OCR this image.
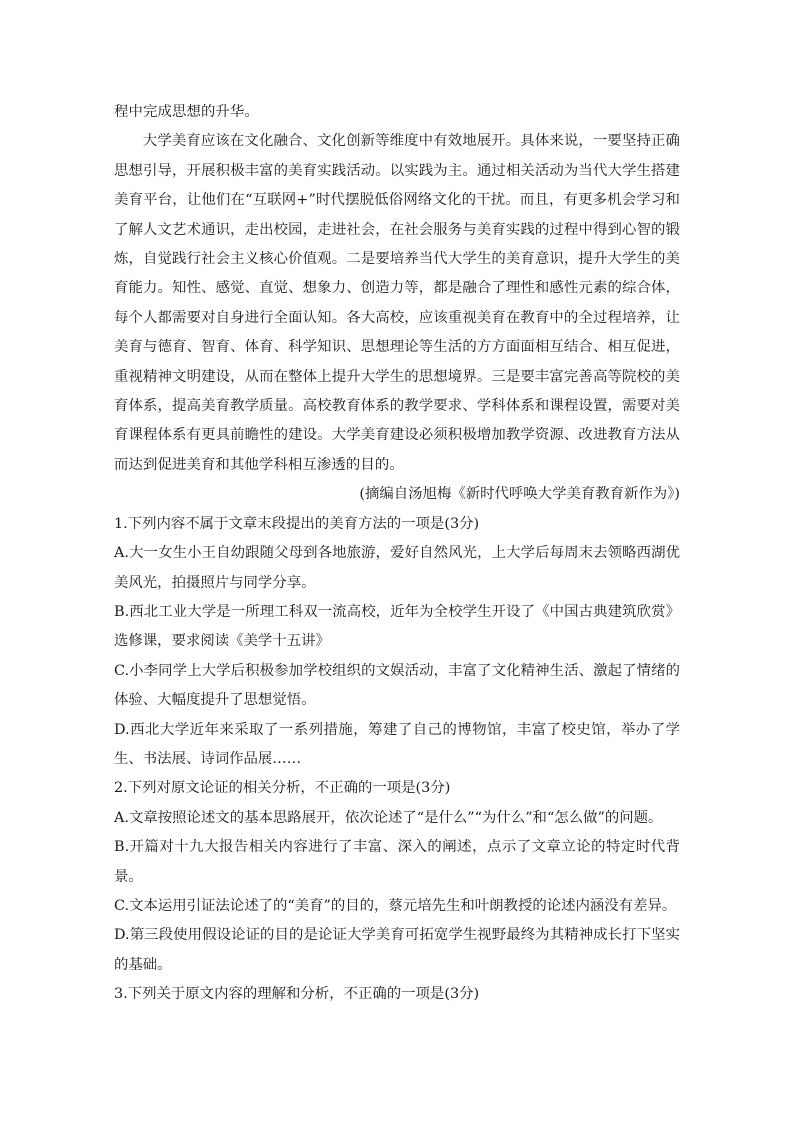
程中完成思想的升华。

大学美育应该在文化融合、文化创新等维度中有效地展开。具体来说，一要坚持正确思想引导，开展积极丰富的美育实践活动。以实践为主。通过相关活动为当代大学生搭建美育平台，让他们在“互联网+”时代摆脱低俗网络文化的干扰。而且，有更多机会学习和了解人文艺术通识，走出校园，走进社会，在社会服务与美育实践的过程中得到心智的锻炼，自觉践行社会主义核心价值观。二是要培养当代大学生的美育意识，提升大学生的美育能力。知性、感觉、直觉、想象力、创造力等，都是融合了理性和感性元素的综合体，每个人都需要对自身进行全面认知。各大高校，应该重视美育在教育中的全过程培养，让美育与德育、智育、体育、科学知识、思想理论等生活的方方面面相互结合、相互促进，重视精神文明建设，从而在整体上提升大学生的思想境界。三是要丰富完善高等院校的美育体系，提高美育教学质量。高校教育体系的教学要求、学科体系和课程设置，需要对美育课程体系有更具前瞻性的建设。大学美育建设必须积极增加教学资源、改进教育方法从而达到促进美育和其他学科相互渗透的目的。

(摘编自汤旭梅《新时代呼唤大学美育教育新作为》)

1.下列内容不属于文章末段提出的美育方法的一项是(3分)

A.大一女生小王自幼跟随父母到各地旅游，爱好自然风光，上大学后每周末去领略西湖优美风光，拍摄照片与同学分享。

B.西北工业大学是一所理工科双一流高校，近年为全校学生开设了《中国古典建筑欣赏》选修课，要求阅读《美学十五讲》

C.小李同学上大学后积极参加学校组织的文娱活动，丰富了文化精神生活、激起了情绪的体验、大幅度提升了思想觉悟。

D.西北大学近年来采取了一系列措施，筹建了自己的博物馆，丰富了校史馆，举办了学生、书法展、诗词作品展……

2.下列对原文论证的相关分析，不正确的一项是(3分)

A.文章按照论述文的基本思路展开，依次论述了“是什么”“为什么”和“怎么做”的问题。

B.开篇对十九大报告相关内容进行了丰富、深入的阐述，点示了文章立论的特定时代背景。

C.文本运用引证法论述了的“美育”的目的，蔡元培先生和叶朗教授的论述内涵没有差异。

D.第三段使用假设论证的目的是论证大学美育可拓宽学生视野最终为其精神成长打下坚实的基础。

3.下列关于原文内容的理解和分析，不正确的一项是(3分)
